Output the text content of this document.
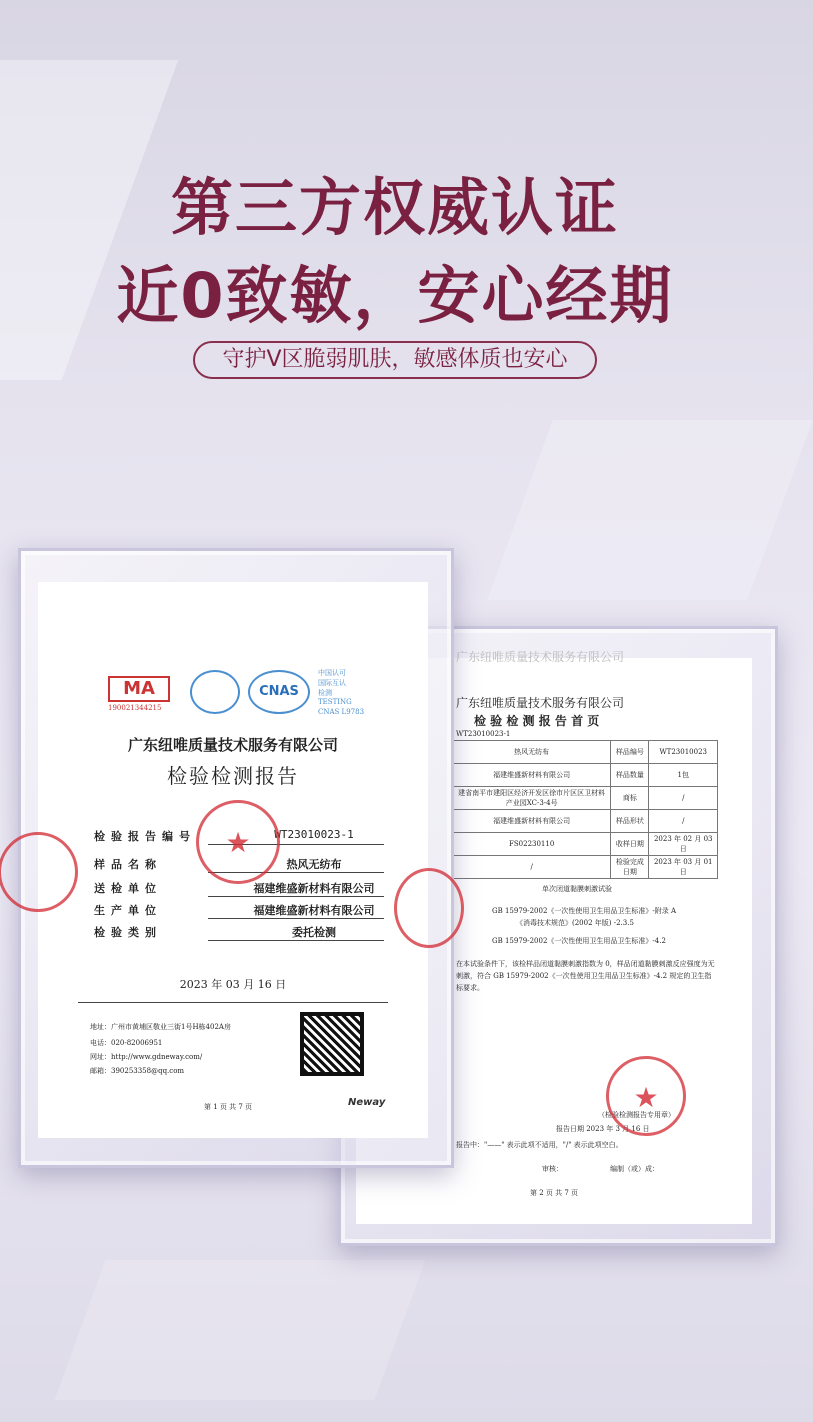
第三方权威认证
近0致敏，安心经期
守护V区脆弱肌肤，敏感体质也安心
广东纽唯质量技术服务有限公司
广东纽唯质量技术服务有限公司
检 验 检 测 报 告 首 页
WT23010023-1
热风无纺布	样品编号	WT23010023
福建维盛新材料有限公司	样品数量	1包
建省南平市建阳区经济开发区徐市片区区卫材料产业园XC-3-4号	商标	/
福建维盛新材料有限公司	样品形状	/
FS02230110	收样日期	2023 年 02 月 03 日
/	检验完成日期	2023 年 03 月 01 日
单次闭道黏膜刺激试验
GB 15979-2002《一次性使用卫生用品卫生标准》-附录 A
《消毒技术规范》(2002 年版) -2.3.5
GB 15979-2002《一次性使用卫生用品卫生标准》-4.2
在本试验条件下，该检样品闭道黏膜刺激指数为 0，样品闭道黏膜刺激反应强度为无刺激，符合 GB 15979-2002《一次性使用卫生用品卫生标准》-4.2 规定的卫生指标要求。
（检验检测报告专用章）
报告日期 2023 年 3 月 16 日
报告中："——" 表示此项不适用，"/" 表示此项空白。
审核：	编制（或）成：
第 2 页 共 7 页
★
MA
190021344215
CNAS
中国认可
国际互认
检测
TESTING
CNAS L9783
广东纽唯质量技术服务有限公司
检验检测报告
检验报告编号	WT23010023-1
样品名称	热风无纺布
送检单位	福建维盛新材料有限公司
生产单位	福建维盛新材料有限公司
检验类别	委托检测
★
2023 年 03 月 16 日
地址：广州市黄埔区敬业三街1号H栋402A房
电话：020-82006951
网址：http://www.gdneway.com/
邮箱：390253358@qq.com
第 1 页 共 7 页	Neway
